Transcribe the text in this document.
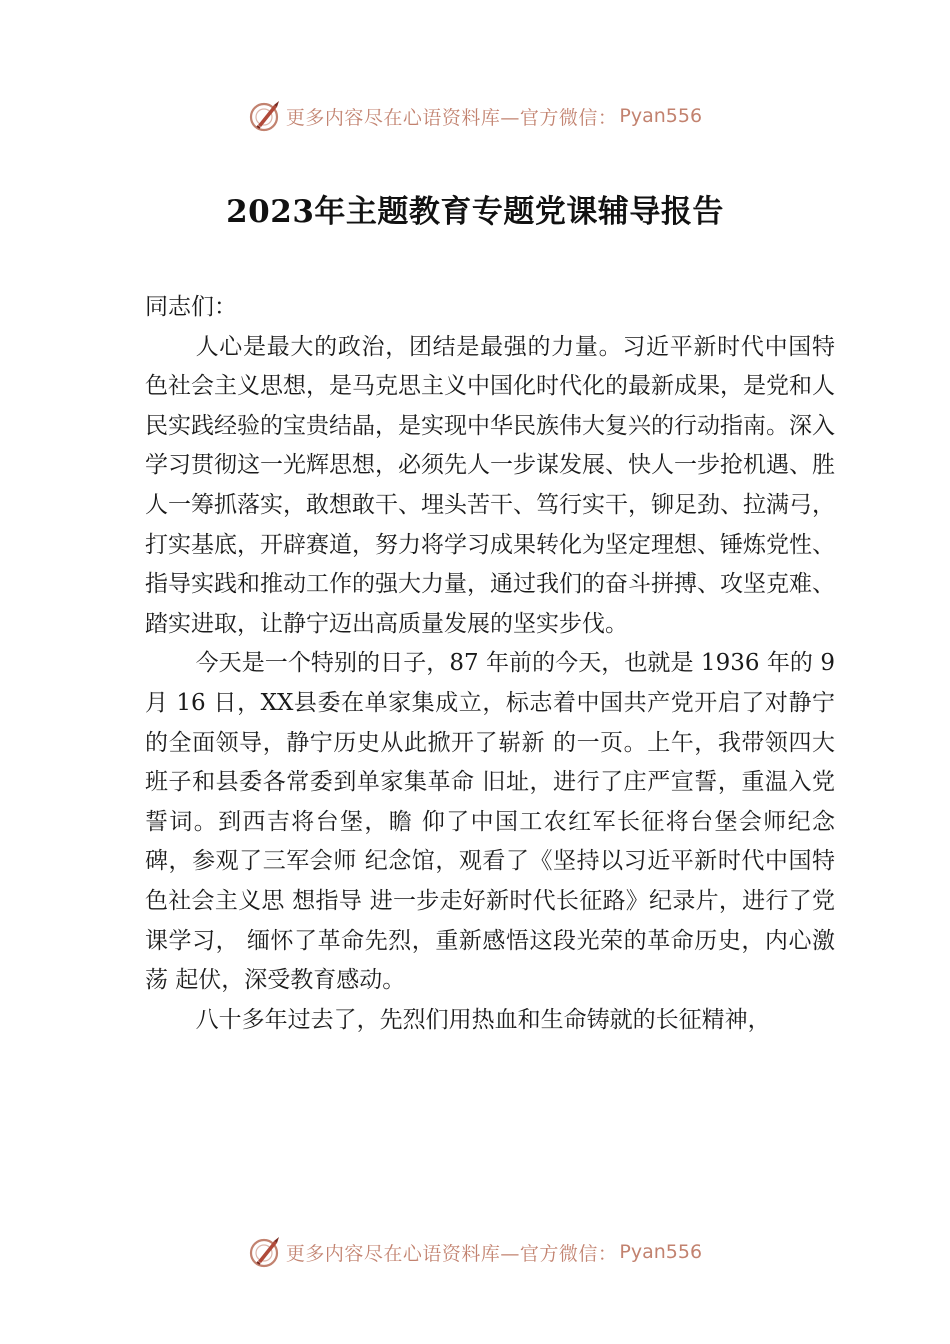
更多内容尽在心语资料库—官方微信： Pyan556
2023年主题教育专题党课辅导报告

同志们：

人心是最大的政治，团结是最强的力量。习近平新时代中国特色社会主义思想，是马克思主义中国化时代化的最新成果，是党和人民实践经验的宝贵结晶，是实现中华民族伟大复兴的行动指南。深入学习贯彻这一光辉思想，必须先人一步谋发展、快人一步抢机遇、胜人一筹抓落实，敢想敢干、埋头苦干、笃行实干，铆足劲、拉满弓，打实基底，开辟赛道，努力将学习成果转化为坚定理想、锤炼党性、指导实践和推动工作的强大力量，通过我们的奋斗拼搏、攻坚克难、 踏实进取，让静宁迈出高质量发展的坚实步伐。

今天是一个特别的日子，87 年前的今天，也就是 1936 年的 9 月 16 日，XX县委在单家集成立，标志着中国共产党开启了对静宁的全面领导，静宁历史从此掀开了崭新 的一页。上午，我带领四大班子和县委各常委到单家集革命 旧址，进行了庄严宣誓，重温入党誓词。到西吉将台堡，瞻 仰了中国工农红军长征将台堡会师纪念碑，参观了三军会师 纪念馆，观看了《坚持以习近平新时代中国特色社会主义思 想指导 进一步走好新时代长征路》纪录片，进行了党课学习， 缅怀了革命先烈，重新感悟这段光荣的革命历史，内心激荡 起伏，深受教育感动。

八十多年过去了，先烈们用热血和生命铸就的长征精神，

更多内容尽在心语资料库—官方微信： Pyan556
